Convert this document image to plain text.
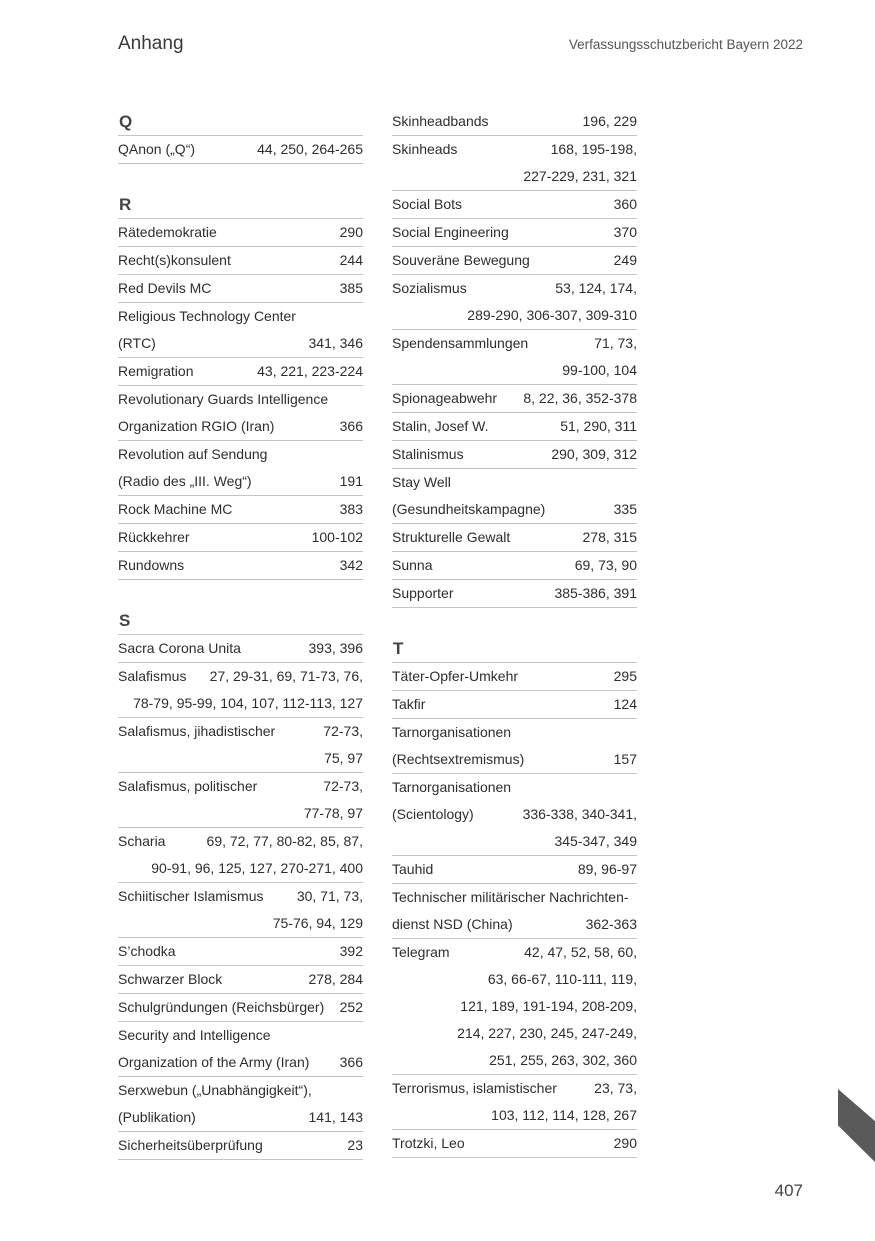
Anhang	Verfassungsschutzbericht Bayern 2022
Q
QAnon („Q“)	44, 250, 264-265
R
Rätedemokratie	290
Recht(s)konsulent	244
Red Devils MC	385
Religious Technology Center
(RTC)	341, 346
Remigration	43, 221, 223-224
Revolutionary Guards Intelligence
Organization RGIO (Iran)	366
Revolution auf Sendung
(Radio des „III. Weg“)	191
Rock Machine MC	383
Rückkehrer	100-102
Rundowns	342
S
Sacra Corona Unita	393, 396
Salafismus 27, 29-31, 69, 71-73, 76,
78-79, 95-99, 104, 107, 112-113, 127
Salafismus, jihadistischer	72-73,
75, 97
Salafismus, politischer	72-73,
77-78, 97
Scharia	69, 72, 77, 80-82, 85, 87,
90-91, 96, 125, 127, 270-271, 400
Schiitischer Islamismus 30, 71, 73,
75-76, 94, 129
S’chodka	392
Schwarzer Block	278, 284
Schulgründungen (Reichsbürger) 252
Security and Intelligence
Organization of the Army (Iran) 366
Serxwebun („Unabhängigkeit“),
(Publikation)	141, 143
Sicherheitsüberprüfung	23
Skinheadbands	196, 229
Skinheads	168, 195-198,
227-229, 231, 321
Social Bots	360
Social Engineering	370
Souveräne Bewegung	249
Sozialismus	53, 124, 174,
289-290, 306-307, 309-310
Spendensammlungen	71, 73,
99-100, 104
Spionageabwehr 8, 22, 36, 352-378
Stalin, Josef W.	51, 290, 311
Stalinismus	290, 309, 312
Stay Well
(Gesundheitskampagne)	335
Strukturelle Gewalt	278, 315
Sunna	69, 73, 90
Supporter	385-386, 391
T
Täter-Opfer-Umkehr	295
Takfir	124
Tarnorganisationen
(Rechtsextremismus)	157
Tarnorganisationen
(Scientology)	336-338, 340-341,
345-347, 349
Tauhid	89, 96-97
Technischer militärischer Nachrichten-
dienst NSD (China)	362-363
Telegram	42, 47, 52, 58, 60,
63, 66-67, 110-111, 119,
121, 189, 191-194, 208-209,
214, 227, 230, 245, 247-249,
251, 255, 263, 302, 360
Terrorismus, islamistischer	23, 73,
103, 112, 114, 128, 267
Trotzki, Leo	290
407
